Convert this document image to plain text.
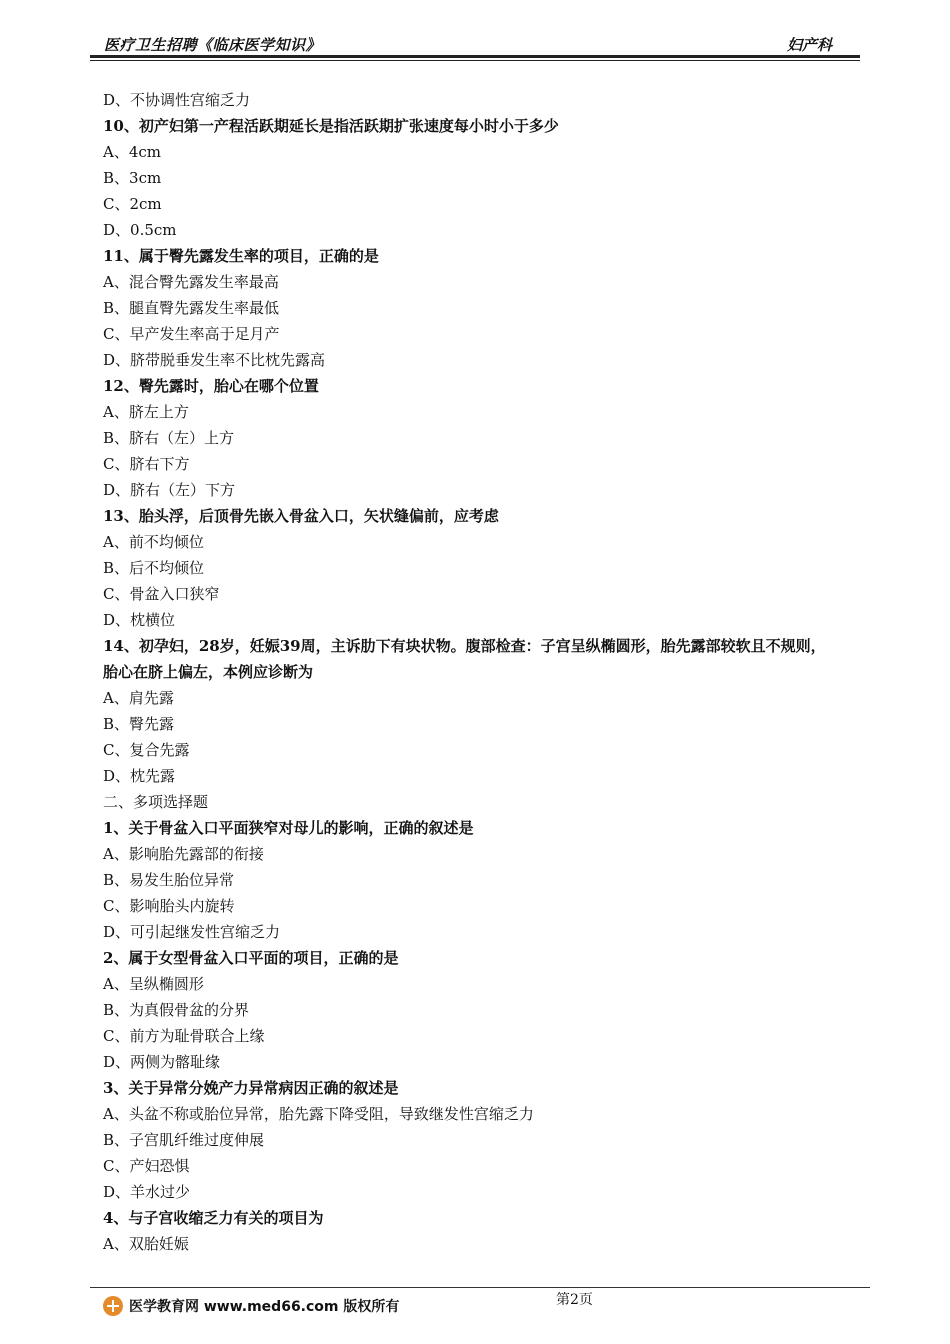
医疗卫生招聘《临床医学知识》	妇产科
D、不协调性宫缩乏力
10、初产妇第一产程活跃期延长是指活跃期扩张速度每小时小于多少
A、4cm
B、3cm
C、2cm
D、0.5cm
11、属于臀先露发生率的项目，正确的是
A、混合臀先露发生率最高
B、腿直臀先露发生率最低
C、早产发生率高于足月产
D、脐带脱垂发生率不比枕先露高
12、臀先露时，胎心在哪个位置
A、脐左上方
B、脐右（左）上方
C、脐右下方
D、脐右（左）下方
13、胎头浮，后顶骨先嵌入骨盆入口，矢状缝偏前，应考虑
A、前不均倾位
B、后不均倾位
C、骨盆入口狭窄
D、枕横位
14、初孕妇，28岁，妊娠39周，主诉肋下有块状物。腹部检查：子宫呈纵椭圆形，胎先露部较软且不规则，
胎心在脐上偏左，本例应诊断为
A、肩先露
B、臀先露
C、复合先露
D、枕先露
二、多项选择题
1、关于骨盆入口平面狭窄对母儿的影响，正确的叙述是
A、影响胎先露部的衔接
B、易发生胎位异常
C、影响胎头内旋转
D、可引起继发性宫缩乏力
2、属于女型骨盆入口平面的项目，正确的是
A、呈纵椭圆形
B、为真假骨盆的分界
C、前方为耻骨联合上缘
D、两侧为髂耻缘
3、关于异常分娩产力异常病因正确的叙述是
A、头盆不称或胎位异常，胎先露下降受阻，导致继发性宫缩乏力
B、子宫肌纤维过度伸展
C、产妇恐惧
D、羊水过少
4、与子宫收缩乏力有关的项目为
A、双胎妊娠
第2页
医学教育网 www.med66.com 版权所有
